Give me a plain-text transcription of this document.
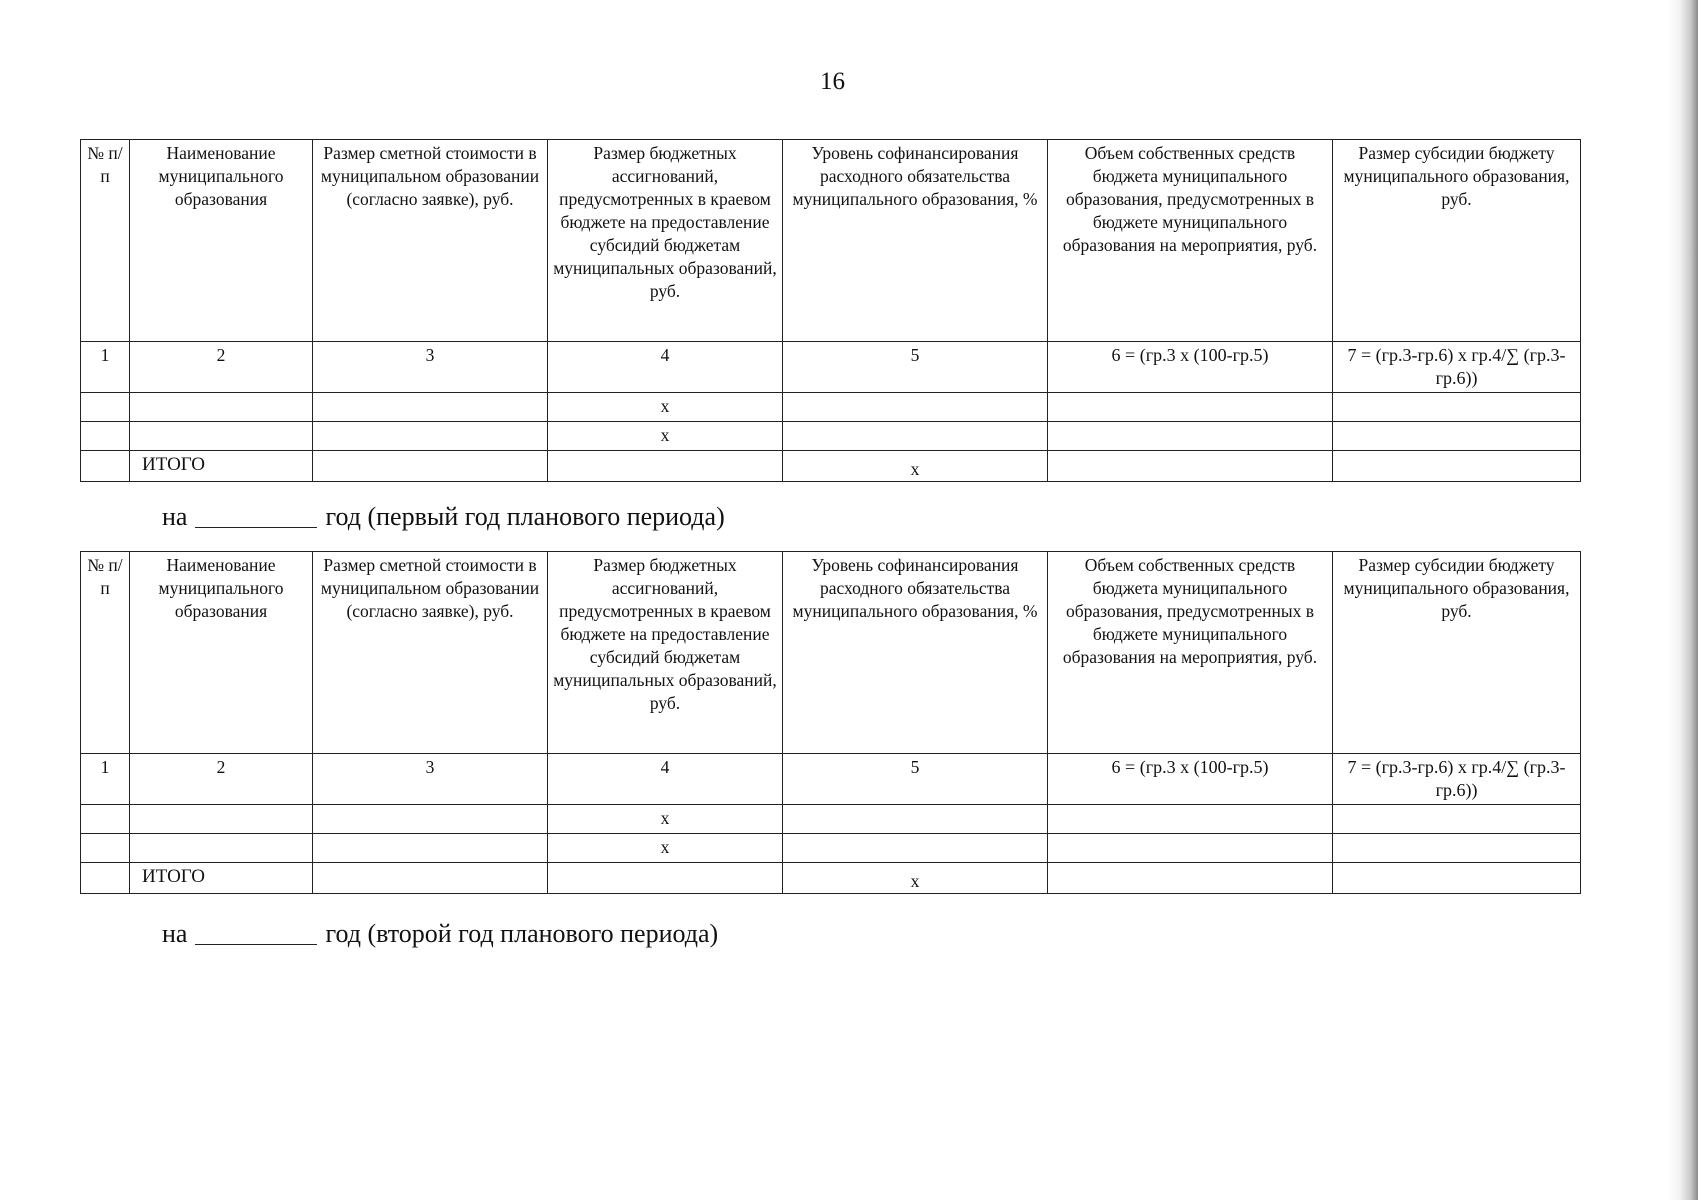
16
№ п/п	Наименование муниципального образования	Размер сметной стоимости в муниципальном образовании (согласно заявке), руб.	Размер бюджетных ассигнований, предусмотренных в краевом бюджете на предоставление субсидий бюджетам муниципальных образований, руб.	Уровень софинансирования расходного обязательства муниципального образования, %	Объем собственных средств бюджета муниципального образования, предусмотренных в бюджете муниципального образования на мероприятия, руб.	Размер субсидии бюджету муниципального образования, руб.
1	2	3	4	5	6 = (гр.3 х (100-гр.5)	7 = (гр.3-гр.6) х гр.4/∑ (гр.3-гр.6))
			х			
			х			
	ИТОГО			х		
на	год (первый год планового периода)
№ п/п	Наименование муниципального образования	Размер сметной стоимости в муниципальном образовании (согласно заявке), руб.	Размер бюджетных ассигнований, предусмотренных в краевом бюджете на предоставление субсидий бюджетам муниципальных образований, руб.	Уровень софинансирования расходного обязательства муниципального образования, %	Объем собственных средств бюджета муниципального образования, предусмотренных в бюджете муниципального образования на мероприятия, руб.	Размер субсидии бюджету муниципального образования, руб.
1	2	3	4	5	6 = (гр.3 х (100-гр.5)	7 = (гр.3-гр.6) х гр.4/∑ (гр.3-гр.6))
			х			
			х			
	ИТОГО			х		
на	год (второй год планового периода)
